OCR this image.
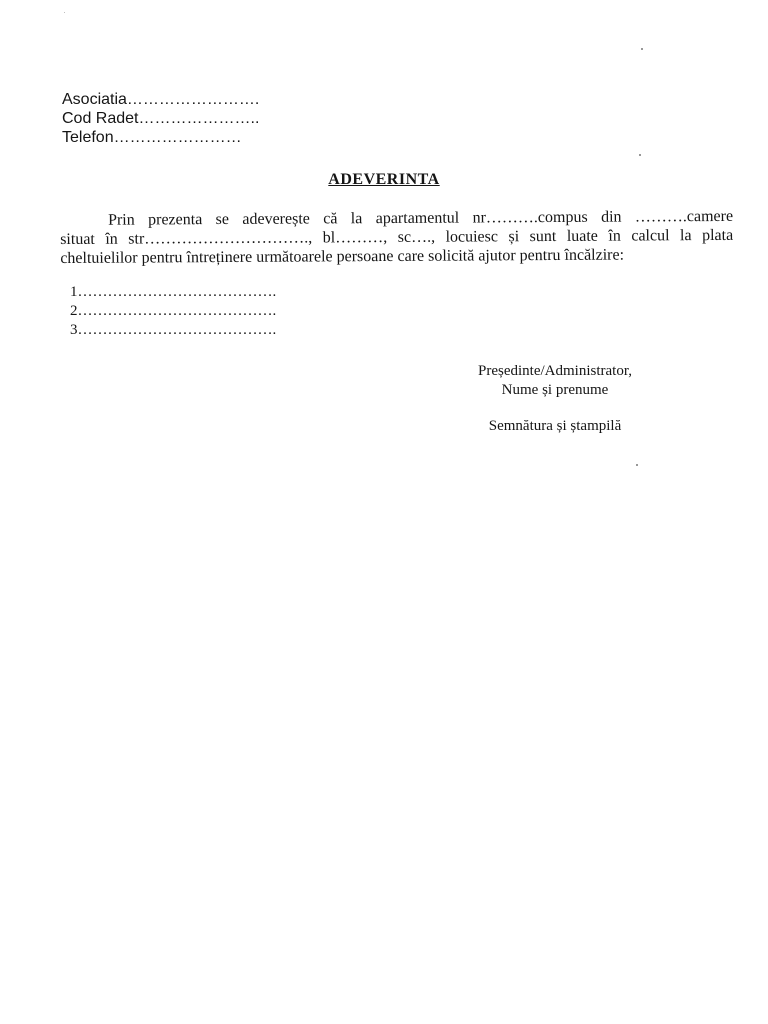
Asociatia…………………….
Cod Radet…………………..
Telefon……………………
ADEVERINTA
Prin prezenta se adeverește că la apartamentul nr……….compus din ……….camere
situat în str…………………………., bl………, sc…., locuiesc și sunt luate în calcul la plata
cheltuielilor pentru întreținere următoarele persoane care solicită ajutor pentru încălzire:
1………………………………….
2………………………………….
3………………………………….
Președinte/Administrator,
Nume și prenume
Semnătura și ștampilă
